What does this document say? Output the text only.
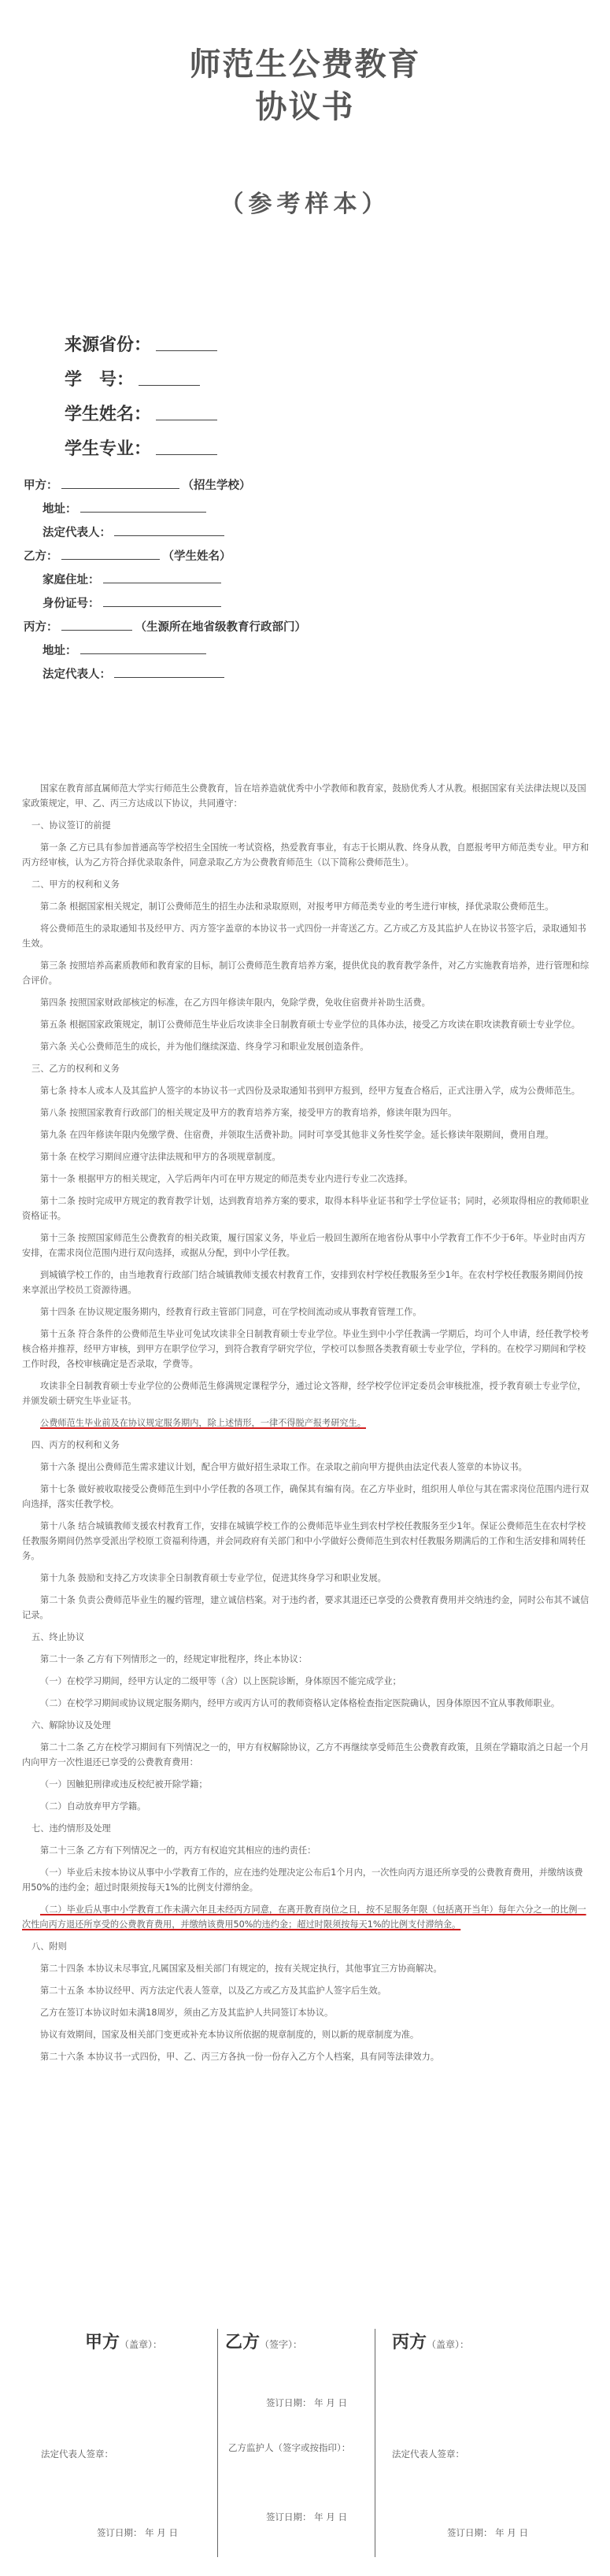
师范生公费教育
协议书
（参考样本）
来源省份：
学　号：
学生姓名：
学生专业：
甲方：	（招生学校）
地址：
法定代表人：
乙方：	（学生姓名）
家庭住址：
身份证号：
丙方：	（生源所在地省级教育行政部门）
地址：
法定代表人：

国家在教育部直属师范大学实行师范生公费教育，旨在培养造就优秀中小学教师和教育家，鼓励优秀人才从教。根据国家有关法律法规以及国家政策规定，甲、乙、丙三方达成以下协议，共同遵守：

一、协议签订的前提

第一条 乙方已具有参加普通高等学校招生全国统一考试资格，热爱教育事业，有志于长期从教、终身从教，自愿报考甲方师范类专业。甲方和丙方经审核，认为乙方符合择优录取条件，同意录取乙方为公费教育师范生（以下简称公费师范生）。

二、甲方的权利和义务

第二条 根据国家相关规定，制订公费师范生的招生办法和录取原则，对报考甲方师范类专业的考生进行审核，择优录取公费师范生。

将公费师范生的录取通知书及经甲方、丙方签字盖章的本协议书一式四份一并寄送乙方。乙方或乙方及其监护人在协议书签字后，录取通知书生效。

第三条 按照培养高素质教师和教育家的目标，制订公费师范生教育培养方案，提供优良的教育教学条件，对乙方实施教育培养，进行管理和综合评价。

第四条 按照国家财政部核定的标准，在乙方四年修读年限内，免除学费，免收住宿费并补助生活费。

第五条 根据国家政策规定，制订公费师范生毕业后攻读非全日制教育硕士专业学位的具体办法，接受乙方攻读在职攻读教育硕士专业学位。

第六条 关心公费师范生的成长，并为他们继续深造、终身学习和职业发展创造条件。

三、乙方的权利和义务

第七条 持本人或本人及其监护人签字的本协议书一式四份及录取通知书到甲方报到，经甲方复查合格后，正式注册入学，成为公费师范生。

第八条 按照国家教育行政部门的相关规定及甲方的教育培养方案，接受甲方的教育培养，修读年限为四年。

第九条 在四年修读年限内免缴学费、住宿费，并领取生活费补助。同时可享受其他非义务性奖学金。延长修读年限期间，费用自理。

第十条 在校学习期间应遵守法律法规和甲方的各项规章制度。

第十一条 根据甲方的相关规定，入学后两年内可在甲方规定的师范类专业内进行专业二次选择。

第十二条 按时完成甲方规定的教育教学计划，达到教育培养方案的要求，取得本科毕业证书和学士学位证书；同时，必须取得相应的教师职业资格证书。

第十三条 按照国家师范生公费教育的相关政策，履行国家义务，毕业后一般回生源所在地省份从事中小学教育工作不少于6年。毕业时由丙方安排，在需求岗位范围内进行双向选择，或据从分配，到中小学任教。

到城镇学校工作的，由当地教育行政部门结合城镇教师支援农村教育工作，安排到农村学校任教服务至少1年。在农村学校任教服务期间仍按来享派出学校员工资源待遇。

第十四条 在协议规定服务期内，经教育行政主管部门同意，可在学校间流动或从事教育管理工作。

第十五条 符合条件的公费师范生毕业可免试攻读非全日制教育硕士专业学位。毕业生到中小学任教满一学期后，均可个人申请，经任教学校考核合格并推荐，经甲方审核，到甲方在职学位学习，到符合教育学研究学位，学校可以参照各类教育硕士专业学位，学科的。在校学习期间和学校工作时段，各校审核确定是否录取，学费等。

攻读非全日制教育硕士专业学位的公费师范生修满规定课程学分，通过论文答辩，经学校学位评定委员会审核批准，授予教育硕士专业学位，并颁发硕士研究生毕业证书。

公费师范生毕业前及在协议规定服务期内，除上述情形，一律不得脱产报考研究生。

四、丙方的权利和义务

第十六条 提出公费师范生需求建议计划，配合甲方做好招生录取工作。在录取之前向甲方提供由法定代表人签章的本协议书。

第十七条 做好被收取接受公费师范生到中小学任教的各项工作，确保其有编有岗。在乙方毕业时，组织用人单位与其在需求岗位范围内进行双向选择，落实任教学校。

第十八条 结合城镇教师支援农村教育工作，安排在城镇学校工作的公费师范毕业生到农村学校任教服务至少1年。保证公费师范生在农村学校任教服务期间仍然享受派出学校原工资福利待遇，并会同政府有关部门和中小学做好公费师范生到农村任教服务期满后的工作和生活安排和周转任务。

第十九条 鼓励和支持乙方攻读非全日制教育硕士专业学位，促进其终身学习和职业发展。

第二十条 负责公费师范毕业生的履约管理，建立诚信档案。对于违约者，要求其退还已享受的公费教育费用并交纳违约金，同时公布其不诚信记录。

五、终止协议

第二十一条 乙方有下列情形之一的，经规定审批程序，终止本协议：

（一）在校学习期间，经甲方认定的二级甲等（含）以上医院诊断，身体原因不能完成学业；

（二）在校学习期间或协议规定服务期内，经甲方或丙方认可的教师资格认定体格检查指定医院确认，因身体原因不宜从事教师职业。

六、解除协议及处理

第二十二条 乙方在校学习期间有下列情况之一的，甲方有权解除协议，乙方不再继续享受师范生公费教育政策，且须在学籍取消之日起一个月内向甲方一次性退还已享受的公费教育费用：

（一）因触犯刑律或违反校纪被开除学籍；

（二）自动放弃甲方学籍。

七、违约情形及处理

第二十三条 乙方有下列情况之一的，丙方有权追究其相应的违约责任：

（一）毕业后未按本协议从事中小学教育工作的，应在违约处理决定公布后1个月内，一次性向丙方退还所享受的公费教育费用，并缴纳该费用50%的违约金；超过时限须按每天1%的比例支付滞纳金。

（二）毕业后从事中小学教育工作未满六年且未经丙方同意，在离开教育岗位之日，按不足服务年限（包括离开当年）每年六分之一的比例一次性向丙方退还所享受的公费教育费用，并缴纳该费用50%的违约金；超过时限须按每天1%的比例支付滞纳金。

八、附则

第二十四条 本协议未尽事宜,凡属国家及相关部门有规定的，按有关规定执行，其他事宜三方协商解决。

第二十五条 本协议经甲、丙方法定代表人签章，以及乙方或乙方及其监护人签字后生效。

乙方在签订本协议时如未满18周岁，须由乙方及其监护人共同签订本协议。

协议有效期间，国家及相关部门变更或补充本协议所依据的规章制度的，则以新的规章制度为准。

第二十六条 本协议书一式四份，甲、乙、丙三方各执一份一份存入乙方个人档案，具有同等法律效力。

甲方（盖章）：
法定代表人签章：
签订日期： 年 月 日
乙方（签字）：
签订日期： 年 月 日
乙方监护人（签字或按指印）：
签订日期： 年 月 日
丙方（盖章）：
法定代表人签章：
签订日期： 年 月 日
